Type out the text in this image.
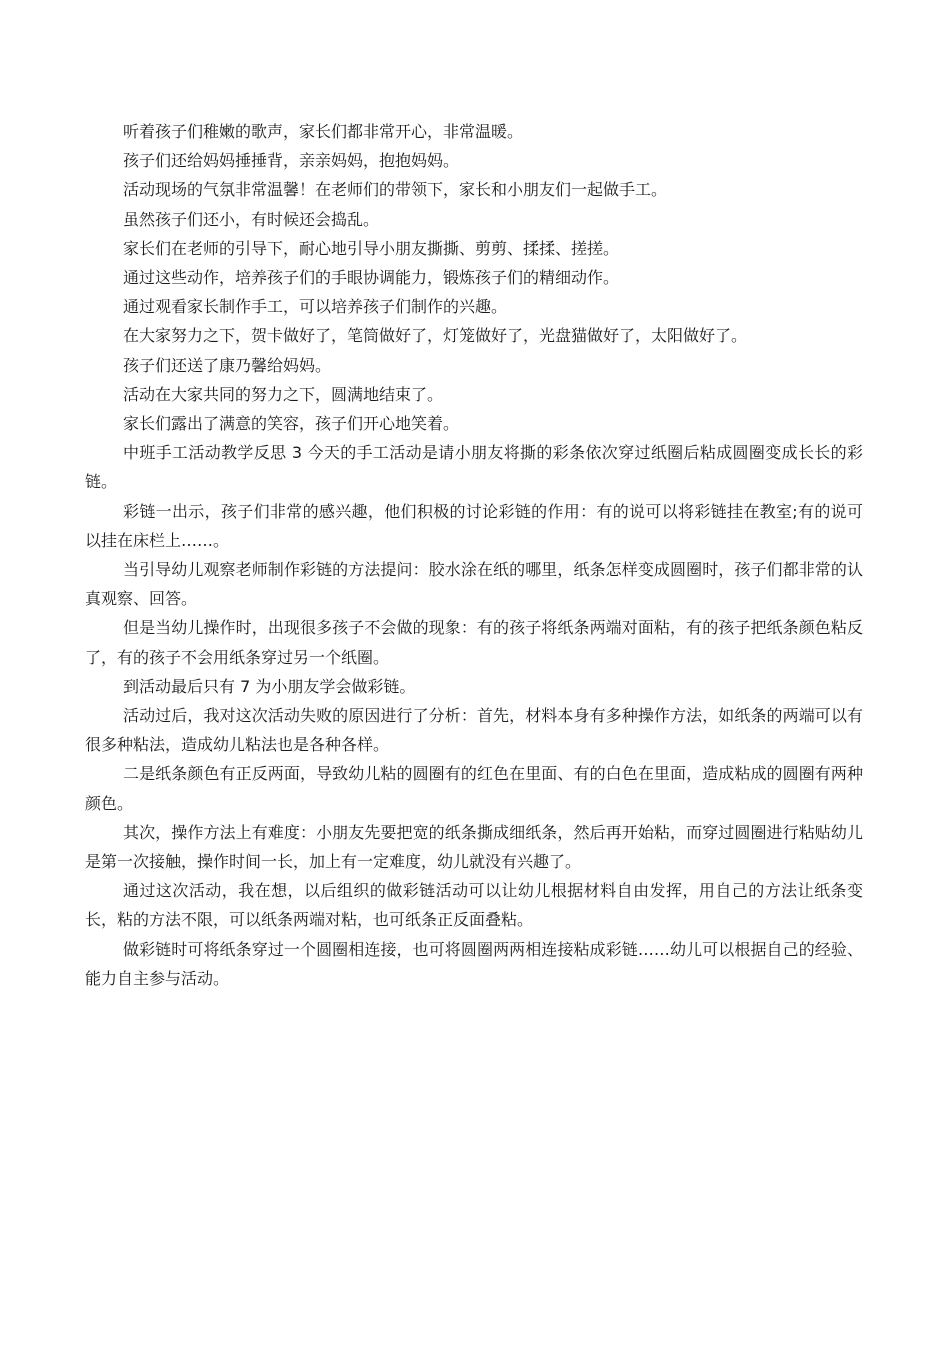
听着孩子们稚嫩的歌声，家长们都非常开心，非常温暖。

孩子们还给妈妈捶捶背，亲亲妈妈，抱抱妈妈。

活动现场的气氛非常温馨！在老师们的带领下，家长和小朋友们一起做手工。

虽然孩子们还小，有时候还会捣乱。

家长们在老师的引导下，耐心地引导小朋友撕撕、剪剪、揉揉、搓搓。

通过这些动作，培养孩子们的手眼协调能力，锻炼孩子们的精细动作。

通过观看家长制作手工，可以培养孩子们制作的兴趣。

在大家努力之下，贺卡做好了，笔筒做好了，灯笼做好了，光盘猫做好了，太阳做好了。

孩子们还送了康乃馨给妈妈。

活动在大家共同的努力之下，圆满地结束了。

家长们露出了满意的笑容，孩子们开心地笑着。

中班手工活动教学反思 3 今天的手工活动是请小朋友将撕的彩条依次穿过纸圈后粘成圆圈变成长长的彩链。

彩链一出示，孩子们非常的感兴趣，他们积极的讨论彩链的作用：有的说可以将彩链挂在教室;有的说可以挂在床栏上……。

当引导幼儿观察老师制作彩链的方法提问：胶水涂在纸的哪里，纸条怎样变成圆圈时，孩子们都非常的认真观察、回答。

但是当幼儿操作时，出现很多孩子不会做的现象：有的孩子将纸条两端对面粘，有的孩子把纸条颜色粘反了，有的孩子不会用纸条穿过另一个纸圈。

到活动最后只有 7 为小朋友学会做彩链。

活动过后，我对这次活动失败的原因进行了分析：首先，材料本身有多种操作方法，如纸条的两端可以有很多种粘法，造成幼儿粘法也是各种各样。

二是纸条颜色有正反两面，导致幼儿粘的圆圈有的红色在里面、有的白色在里面，造成粘成的圆圈有两种颜色。

其次，操作方法上有难度：小朋友先要把宽的纸条撕成细纸条，然后再开始粘，而穿过圆圈进行粘贴幼儿是第一次接触，操作时间一长，加上有一定难度，幼儿就没有兴趣了。

通过这次活动，我在想，以后组织的做彩链活动可以让幼儿根据材料自由发挥，用自己的方法让纸条变长，粘的方法不限，可以纸条两端对粘，也可纸条正反面叠粘。

做彩链时可将纸条穿过一个圆圈相连接，也可将圆圈两两相连接粘成彩链……幼儿可以根据自己的经验、能力自主参与活动。
